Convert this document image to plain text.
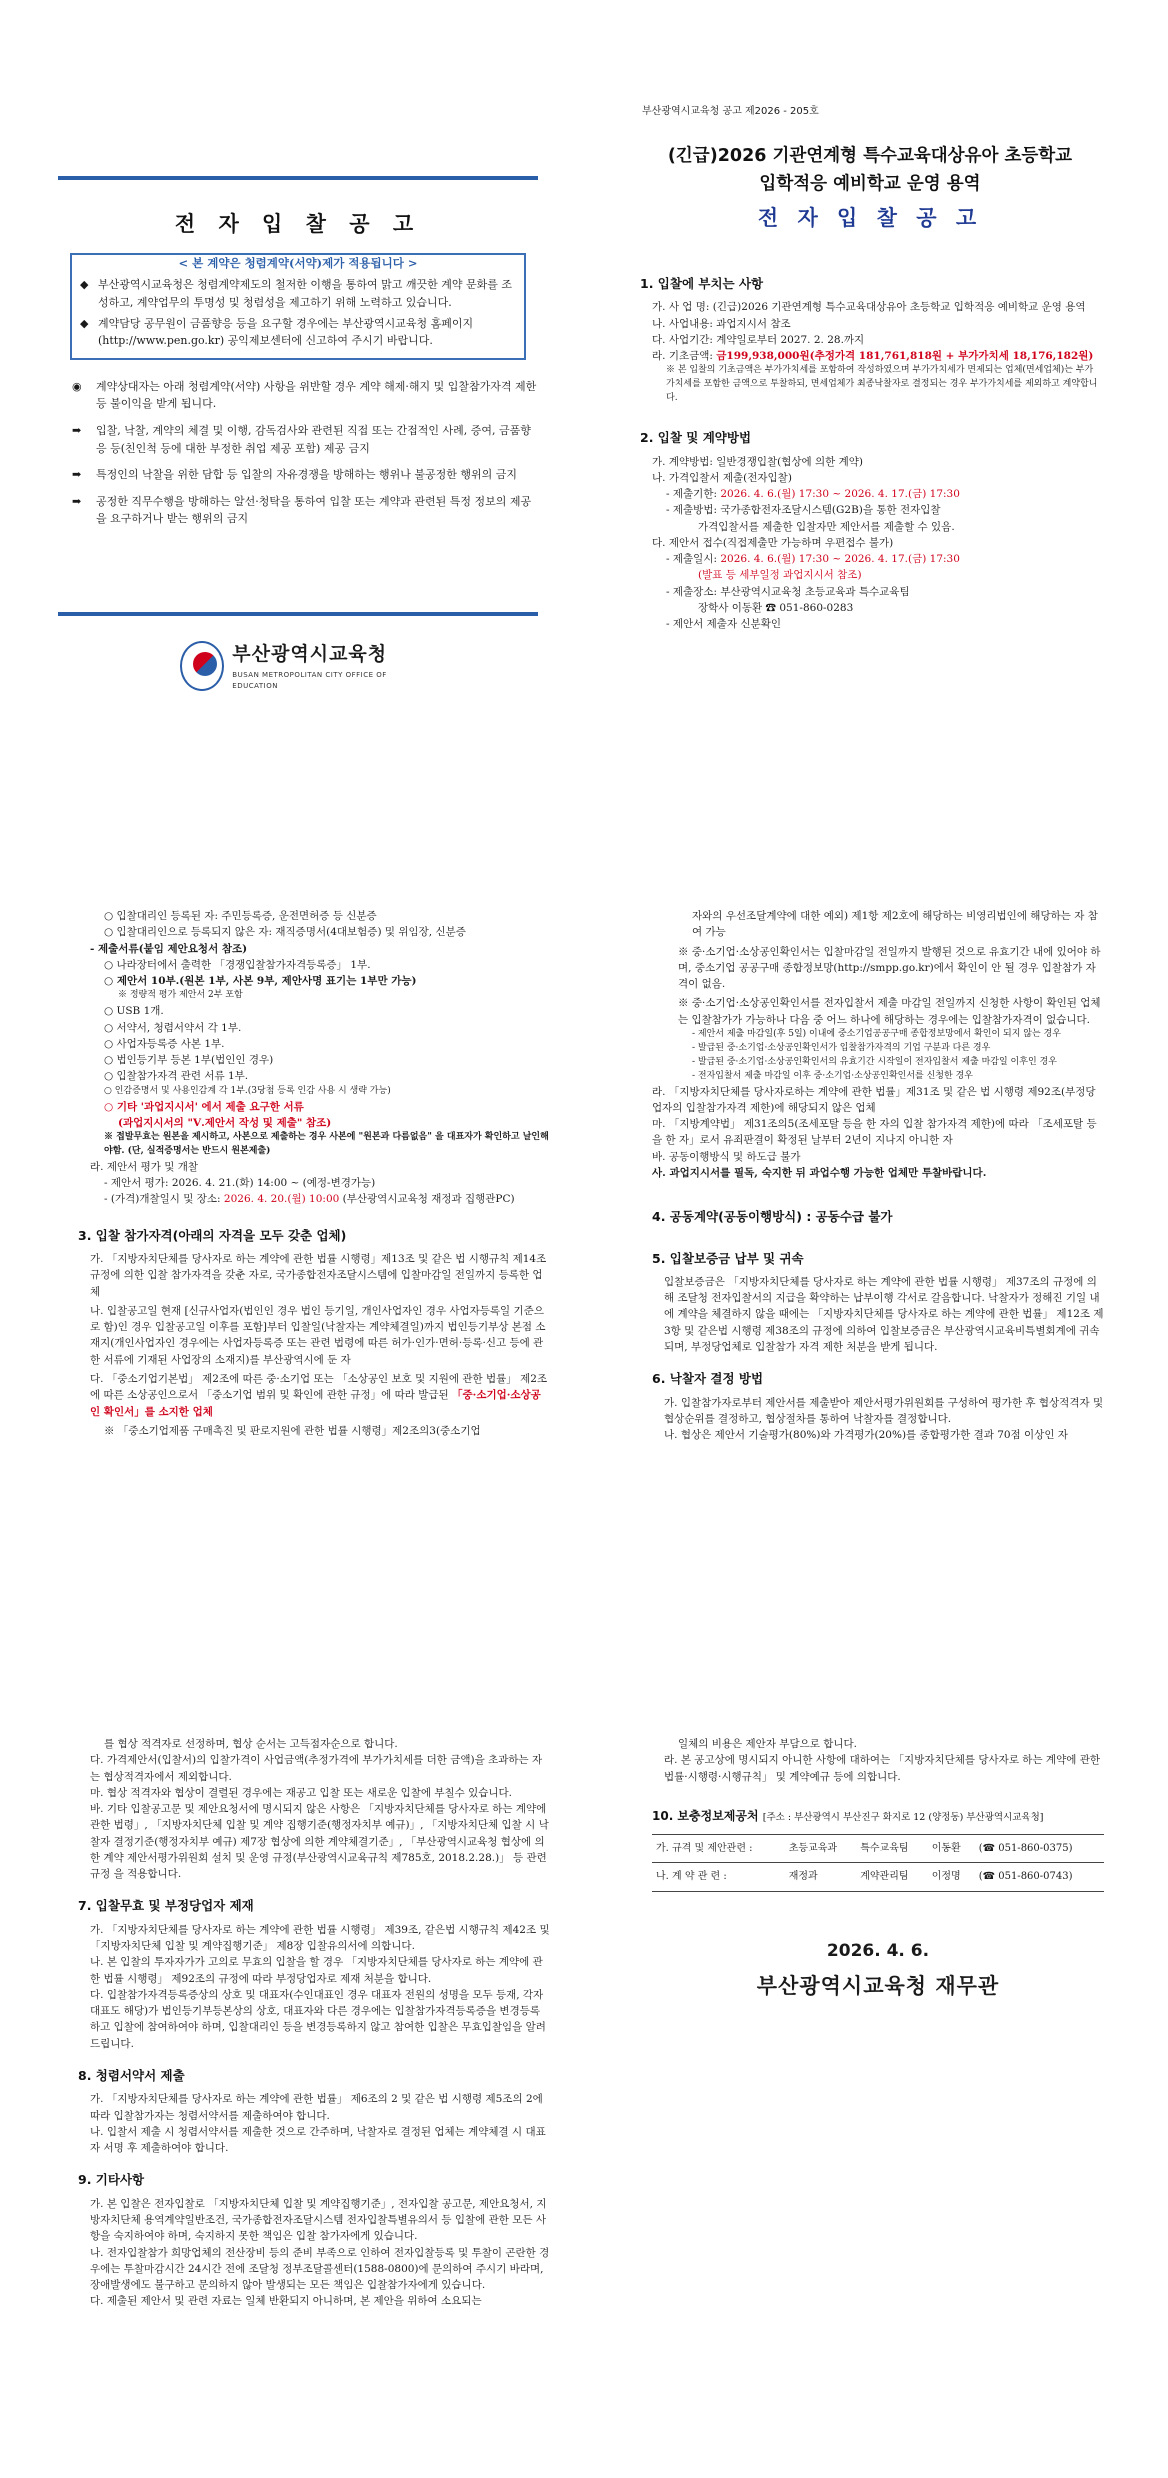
전 자 입 찰 공 고
< 본 계약은 청렴계약(서약)제가 적용됩니다 >
◆ 부산광역시교육청은 청렴계약제도의 철저한 이행을 통하여 맑고 깨끗한 계약 문화를 조성하고, 계약업무의 투명성 및 청렴성을 제고하기 위해 노력하고 있습니다.
◆ 계약담당 공무원이 금품향응 등을 요구할 경우에는 부산광역시교육청 홈페이지(http://www.pen.go.kr) 공익제보센터에 신고하여 주시기 바랍니다.
◉	계약상대자는 아래 청렴계약(서약) 사항을 위반할 경우 계약 해제·해지 및 입찰참가자격 제한 등 불이익을 받게 됩니다.
➡	입찰, 낙찰, 계약의 체결 및 이행, 감독검사와 관련된 직접 또는 간접적인 사례, 증여, 금품향응 등(친인척 등에 대한 부정한 취업 제공 포함) 제공 금지
➡	특정인의 낙찰을 위한 담합 등 입찰의 자유경쟁을 방해하는 행위나 불공정한 행위의 금지
➡	공정한 직무수행을 방해하는 알선·청탁을 통하여 입찰 또는 계약과 관련된 특정 정보의 제공을 요구하거나 받는 행위의 금지
부산광역시교육청
BUSAN METROPOLITAN CITY OFFICE OF EDUCATION
부산광역시교육청 공고 제2026 - 205호
(긴급)2026 기관연계형 특수교육대상유아 초등학교
입학적응 예비학교 운영 용역
전 자 입 찰 공 고
1. 입찰에 부치는 사항
가. 사 업 명: (긴급)2026 기관연계형 특수교육대상유아 초등학교 입학적응 예비학교 운영 용역
나. 사업내용: 과업지시서 참조
다. 사업기간: 계약일로부터 2027. 2. 28.까지
라. 기초금액: 금199,938,000원(추정가격 181,761,818원 + 부가가치세 18,176,182원)
※ 본 입찰의 기초금액은 부가가치세를 포함하여 작성하였으며 부가가치세가 면제되는 업체(면세업체)는 부가가치세를 포함한 금액으로 투찰하되, 면세업체가 최종낙찰자로 결정되는 경우 부가가치세를 제외하고 계약합니다.
2. 입찰 및 계약방법
가. 계약방법: 일반경쟁입찰(협상에 의한 계약)
나. 가격입찰서 제출(전자입찰)
- 제출기한: 2026. 4. 6.(월) 17:30 ~ 2026. 4. 17.(금) 17:30
- 제출방법: 국가종합전자조달시스템(G2B)을 통한 전자입찰
가격입찰서를 제출한 입찰자만 제안서를 제출할 수 있음.
다. 제안서 접수(직접제출만 가능하며 우편접수 불가)
- 제출일시: 2026. 4. 6.(월) 17:30 ~ 2026. 4. 17.(금) 17:30
(발표 등 세부일정 과업지시서 참조)
- 제출장소: 부산광역시교육청 초등교육과 특수교육팀
장학사 이동환 ☎ 051-860-0283
- 제안서 제출자 신분확인
○ 입찰대리인 등록된 자: 주민등록증, 운전면허증 등 신분증
○ 입찰대리인으로 등록되지 않은 자: 재직증명서(4대보험증) 및 위임장, 신분증
- 제출서류(붙임 제안요청서 참조)
○ 나라장터에서 출력한 「경쟁입찰참가자격등록증」 1부.
○ 제안서 10부.(원본 1부, 사본 9부, 제안사명 표기는 1부만 가능)
※ 정량적 평가 제안서 2부 포함
○ USB 1개.
○ 서약서, 청렴서약서 각 1부.
○ 사업자등록증 사본 1부.
○ 법인등기부 등본 1부(법인인 경우)
○ 입찰참가자격 관련 서류 1부.
○ 인감증명서 및 사용인감계 각 1부.(3당첨 등록 인감 사용 시 생략 가능)
○ 기타 '과업지시서' 에서 제출 요구한 서류
(과업지시서의 "Ⅴ.제안서 작성 및 제출" 참조)
※ 접발무효는 원본을 제시하고, 사본으로 제출하는 경우 사본에 "원본과 다름없음" 을 대표자가 확인하고 날인해야함. (단, 실적증명서는 반드시 원본제출)
라. 제안서 평가 및 개찰
- 제안서 평가: 2026. 4. 21.(화) 14:00 ~ (예정-변경가능)
- (가격)개찰일시 및 장소: 2026. 4. 20.(월) 10:00 (부산광역시교육청 재정과 집행관PC)
3. 입찰 참가자격(아래의 자격을 모두 갖춘 업체)
가. 「지방자치단체를 당사자로 하는 계약에 관한 법률 시행령」제13조 및 같은 법 시행규칙 제14조 규정에 의한 입찰 참가자격을 갖춘 자로, 국가종합전자조달시스템에 입찰마감일 전일까지 등록한 업체
나. 입찰공고일 현재 [신규사업자(법인인 경우 법인 등기일, 개인사업자인 경우 사업자등록일 기준으로 함)인 경우 입찰공고일 이후를 포함]부터 입찰일(낙찰자는 계약체결일)까지 법인등기부상 본점 소재지(개인사업자인 경우에는 사업자등록증 또는 관련 법령에 따른 허가·인가·면허·등록·신고 등에 관한 서류에 기재된 사업장의 소재지)를 부산광역시에 둔 자
다. 「중소기업기본법」 제2조에 따른 중·소기업 또는 「소상공인 보호 및 지원에 관한 법률」 제2조에 따른 소상공인으로서 「중소기업 범위 및 확인에 관한 규정」에 따라 발급된 「중·소기업·소상공인 확인서」를 소지한 업체
※ 「중소기업제품 구매촉진 및 판로지원에 관한 법률 시행령」제2조의3(중소기업
자와의 우선조달계약에 대한 예외) 제1항 제2호에 해당하는 비영리법인에 해당하는 자 참여 가능
※ 중·소기업·소상공인확인서는 입찰마감일 전일까지 발행된 것으로 유효기간 내에 있어야 하며, 중소기업 공공구매 종합정보망(http://smpp.go.kr)에서 확인이 안 될 경우 입찰참가 자격이 없음.
※ 중·소기업·소상공인확인서를 전자입찰서 제출 마감일 전일까지 신청한 사항이 확인된 업체는 입찰참가가 가능하나 다음 중 어느 하나에 해당하는 경우에는 입찰참가자격이 없습니다.
- 제안서 제출 마감일(후 5일) 이내에 중소기업공공구매 종합정보망에서 확인이 되지 않는 경우
- 발급된 중·소기업·소상공인확인서가 입찰참가자격의 기업 구분과 다른 경우
- 발급된 중·소기업·소상공인확인서의 유효기간 시작일이 전자입찰서 제출 마감일 이후인 경우
- 전자입찰서 제출 마감일 이후 중·소기업·소상공인확인서를 신청한 경우
라. 「지방자치단체를 당사자로하는 계약에 관한 법률」제31조 및 같은 법 시행령 제92조(부정당업자의 입찰참가자격 제한)에 해당되지 않은 업체
마. 「지방계약법」 제31조의5(조세포탈 등을 한 자의 입찰 참가자격 제한)에 따라 「조세포탈 등을 한 자」로서 유죄판결이 확정된 날부터 2년이 지나지 아니한 자
바. 공동이행방식 및 하도급 불가
사. 과업지시서를 필독, 숙지한 뒤 과업수행 가능한 업체만 투찰바랍니다.
4. 공동계약(공동이행방식) : 공동수급 불가
5. 입찰보증금 납부 및 귀속
입찰보증금은 「지방자치단체를 당사자로 하는 계약에 관한 법률 시행령」 제37조의 규정에 의해 조달청 전자입찰서의 지급을 확약하는 납부이행 각서로 갈음합니다. 낙찰자가 정해진 기일 내에 계약을 체결하지 않을 때에는 「지방자치단체를 당사자로 하는 계약에 관한 법률」 제12조 제3항 및 같은법 시행령 제38조의 규정에 의하여 입찰보증금은 부산광역시교육비특별회계에 귀속되며, 부정당업체로 입찰참가 자격 제한 처분을 받게 됩니다.
6. 낙찰자 결정 방법
가. 입찰참가자로부터 제안서를 제출받아 제안서평가위원회를 구성하여 평가한 후 협상적격자 및 협상순위를 결정하고, 협상절차를 통하여 낙찰자를 결정합니다.
나. 협상은 제안서 기술평가(80%)와 가격평가(20%)를 종합평가한 결과 70점 이상인 자
를 협상 적격자로 선정하며, 협상 순서는 고득점자순으로 합니다.
다. 가격제안서(입찰서)의 입찰가격이 사업금액(추정가격에 부가가치세를 더한 금액)을 초과하는 자는 협상적격자에서 제외합니다.
마. 협상 적격자와 협상이 결렬된 경우에는 재공고 입찰 또는 새로운 입찰에 부칠수 있습니다.
바. 기타 입찰공고문 및 제안요청서에 명시되지 않은 사항은 「지방자치단체를 당사자로 하는 계약에 관한 법령」, 「지방자치단체 입찰 및 계약 집행기준(행정자치부 예규)」, 「지방자치단체 입찰 시 낙찰자 결정기준(행정자치부 예규) 제7장 협상에 의한 계약체결기준」, 「부산광역시교육청 협상에 의한 계약 제안서평가위원회 설치 및 운영 규정(부산광역시교육규칙 제785호, 2018.2.28.)」 등 관련규정 을 적용합니다.
7. 입찰무효 및 부정당업자 제재
가. 「지방자치단체를 당사자로 하는 계약에 관한 법률 시행령」 제39조, 같은법 시행규칙 제42조 및 「지방자치단체 입찰 및 계약집행기준」 제8장 입찰유의서에 의합니다.
나. 본 입찰의 투자자가가 고의로 무효의 입찰을 할 경우 「지방자치단체를 당사자로 하는 계약에 관한 법률 시행령」 제92조의 규정에 따라 부정당업자로 제재 처분을 합니다.
다. 입찰참가자격등록증상의 상호 및 대표자(수인대표인 경우 대표자 전원의 성명을 모두 등재, 각자 대표도 해당)가 법인등기부등본상의 상호, 대표자와 다른 경우에는 입찰참가자격등록증을 변경등록하고 입찰에 참여하여야 하며, 입찰대리인 등을 변경등록하지 않고 참여한 입찰은 무효입찰임을 알려드립니다.
8. 청렴서약서 제출
가. 「지방자치단체를 당사자로 하는 계약에 관한 법률」 제6조의 2 및 같은 법 시행령 제5조의 2에 따라 입찰참가자는 청렴서약서를 제출하여야 합니다.
나. 입찰서 제출 시 청렴서약서를 제출한 것으로 간주하며, 낙찰자로 결정된 업체는 계약체결 시 대표자 서명 후 제출하여야 합니다.
9. 기타사항
가. 본 입찰은 전자입찰로 「지방자치단체 입찰 및 계약집행기준」, 전자입찰 공고문, 제안요청서, 지방자치단체 용역계약일반조건, 국가종합전자조달시스템 전자입찰특별유의서 등 입찰에 관한 모든 사항을 숙지하여야 하며, 숙지하지 못한 책임은 입찰 참가자에게 있습니다.
나. 전자입찰참가 희망업체의 전산장비 등의 준비 부족으로 인하여 전자입찰등록 및 투찰이 곤란한 경우에는 투찰마감시간 24시간 전에 조달청 정부조달콜센터(1588-0800)에 문의하여 주시기 바라며, 장애발생에도 불구하고 문의하지 않아 발생되는 모든 책임은 입찰참가자에게 있습니다.
다. 제출된 제안서 및 관련 자료는 일체 반환되지 아니하며, 본 제안을 위하여 소요되는
일체의 비용은 제안자 부담으로 합니다.
라. 본 공고상에 명시되지 아니한 사항에 대하여는 「지방자치단체를 당사자로 하는 계약에 관한 법률·시행령·시행규칙」 및 계약예규 등에 의합니다.
10. 보충정보제공처 [주소 : 부산광역시 부산진구 화지로 12 (양정동) 부산광역시교육청]
가. 규격 및 제안관련 :	초등교육과	특수교육팀	이동환	(☎ 051-860-0375)
나. 계 약 관 련 :	재정과	계약관리팀	이정명	(☎ 051-860-0743)
2026. 4. 6.
부산광역시교육청 재무관
